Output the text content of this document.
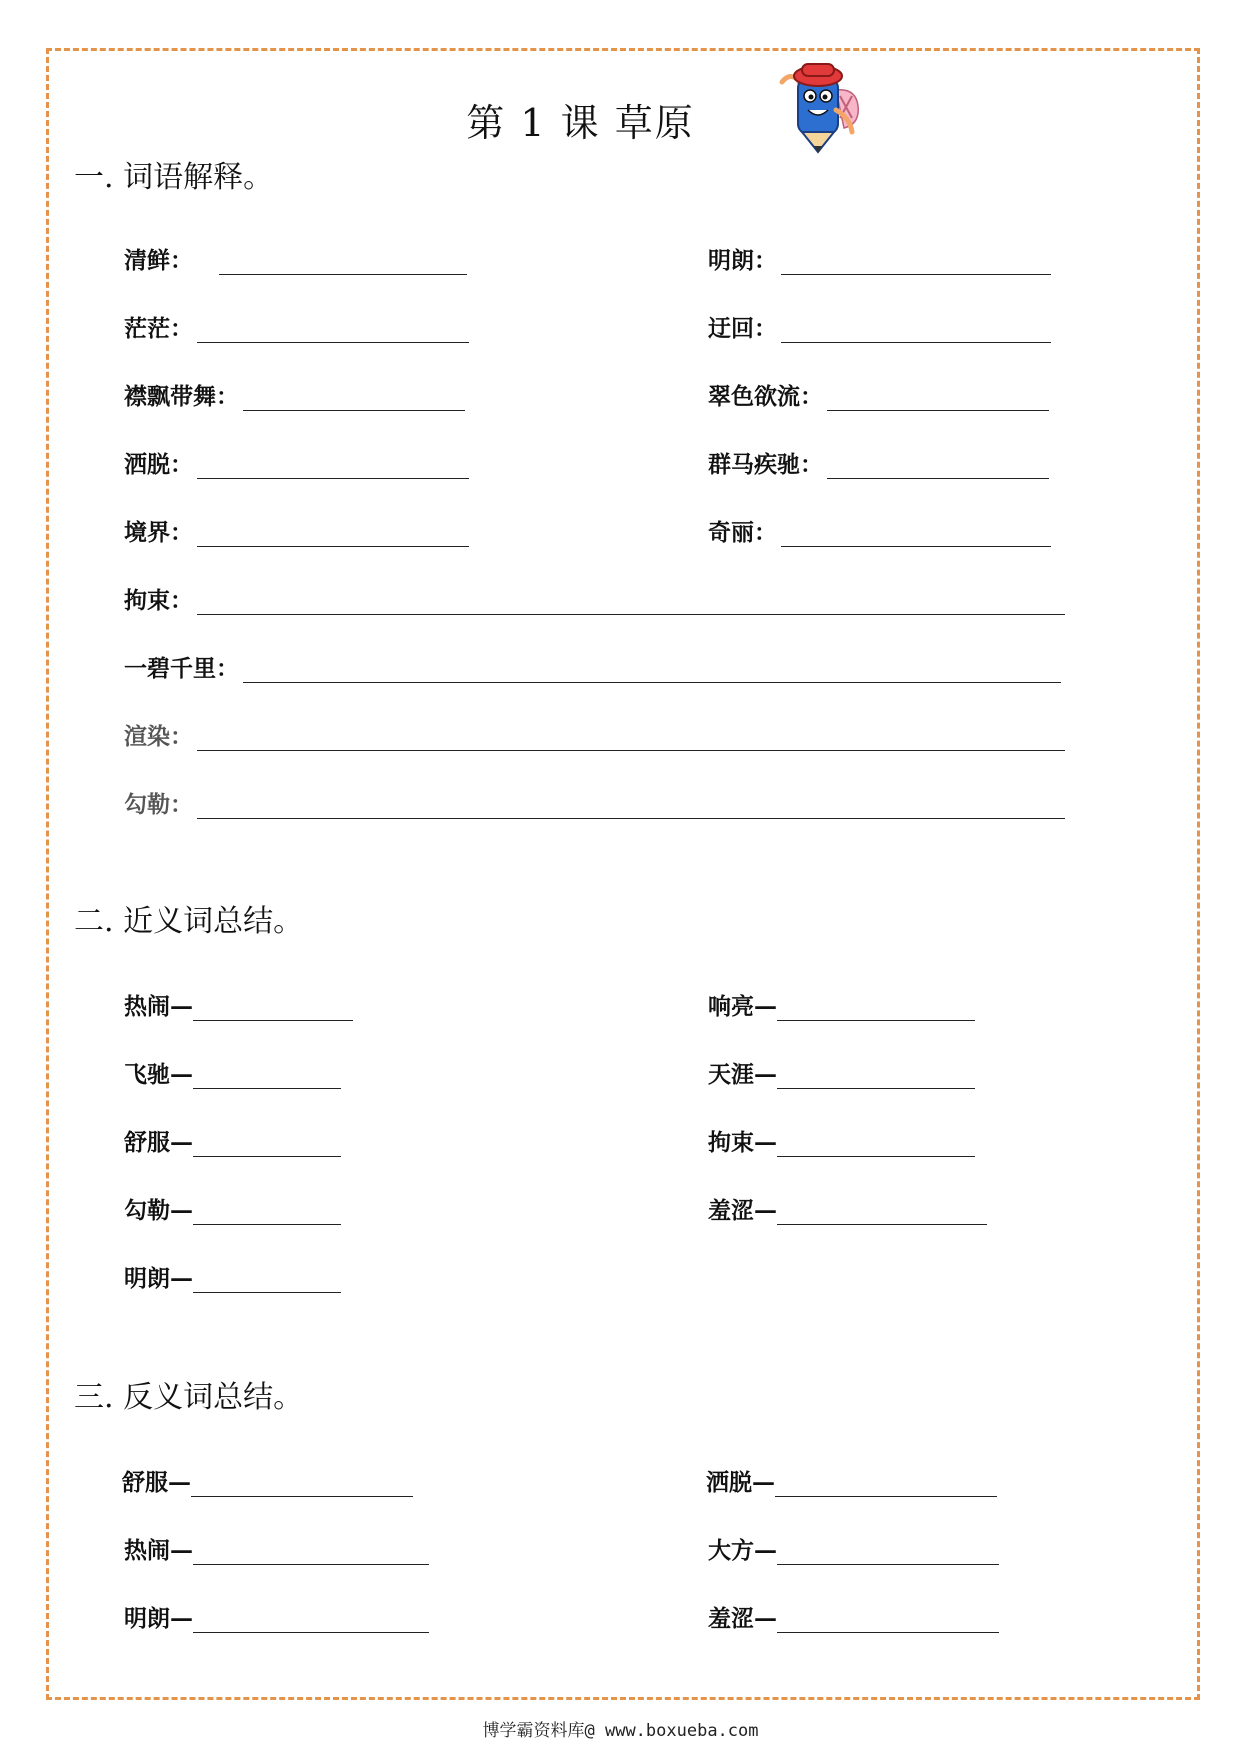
第 1 课 草原
一. 词语解释。
清鲜：	明朗：
茫茫：	迂回：
襟飘带舞：	翠色欲流：
洒脱：	群马疾驰：
境界：	奇丽：
拘束：
一碧千里：
渲染：
勾勒：
二. 近义词总结。
热闹—	响亮—
飞驰—	天涯—
舒服—	拘束—
勾勒—	羞涩—
明朗—
三. 反义词总结。
舒服—	洒脱—
热闹—	大方—
明朗—	羞涩—
博学霸资料库@ www.boxueba.com
